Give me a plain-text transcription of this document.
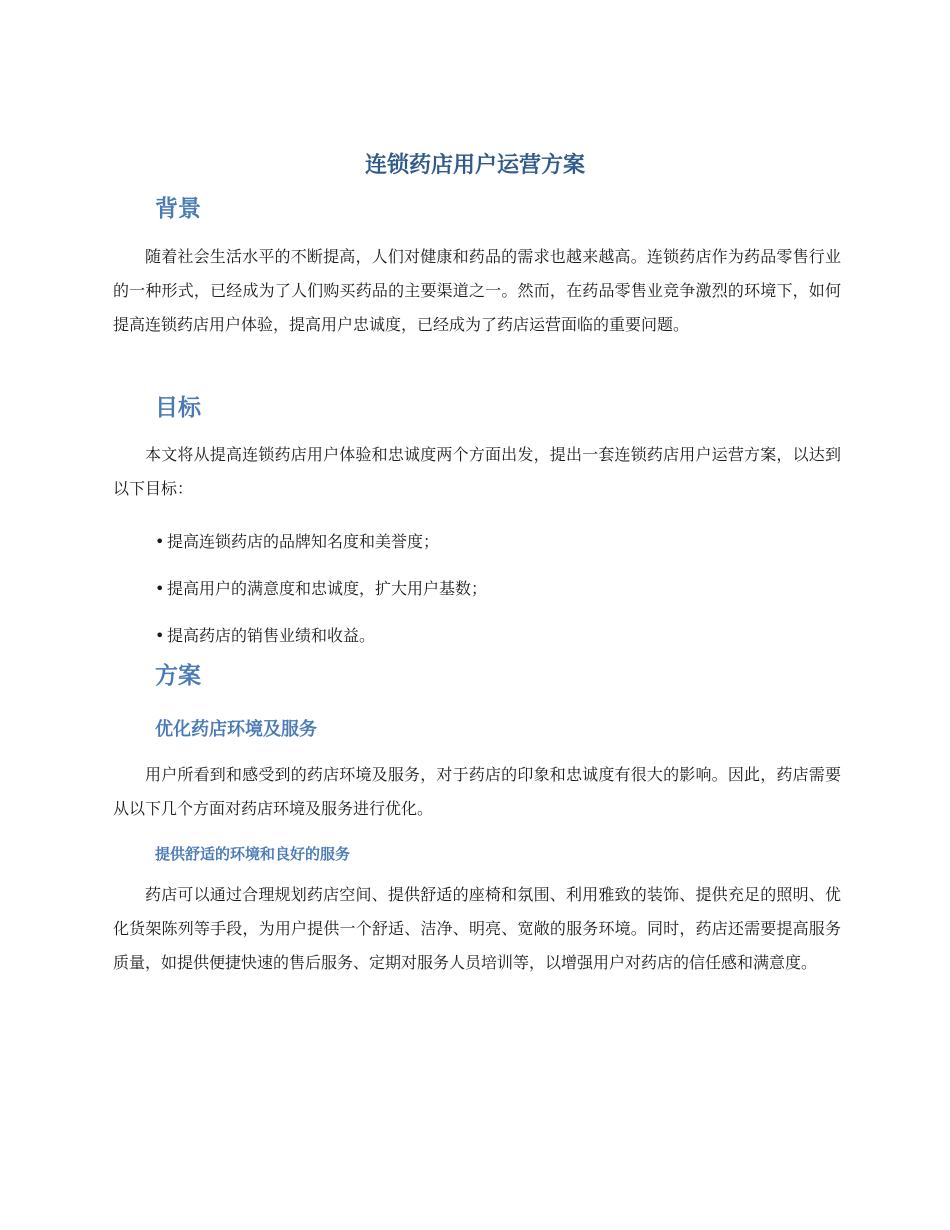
连锁药店用户运营方案
背景

随着社会生活水平的不断提高，人们对健康和药品的需求也越来越高。连锁药店作为药品零售行业的一种形式，已经成为了人们购买药品的主要渠道之一。然而，在药品零售业竞争激烈的环境下，如何提高连锁药店用户体验，提高用户忠诚度，已经成为了药店运营面临的重要问题。

目标

本文将从提高连锁药店用户体验和忠诚度两个方面出发，提出一套连锁药店用户运营方案，以达到以下目标：

• 提高连锁药店的品牌知名度和美誉度；
• 提高用户的满意度和忠诚度，扩大用户基数；
• 提高药店的销售业绩和收益。
方案
优化药店环境及服务

用户所看到和感受到的药店环境及服务，对于药店的印象和忠诚度有很大的影响。因此，药店需要从以下几个方面对药店环境及服务进行优化。

提供舒适的环境和良好的服务

药店可以通过合理规划药店空间、提供舒适的座椅和氛围、利用雅致的装饰、提供充足的照明、优化货架陈列等手段，为用户提供一个舒适、洁净、明亮、宽敞的服务环境。同时，药店还需要提高服务质量，如提供便捷快速的售后服务、定期对服务人员培训等，以增强用户对药店的信任感和满意度。
